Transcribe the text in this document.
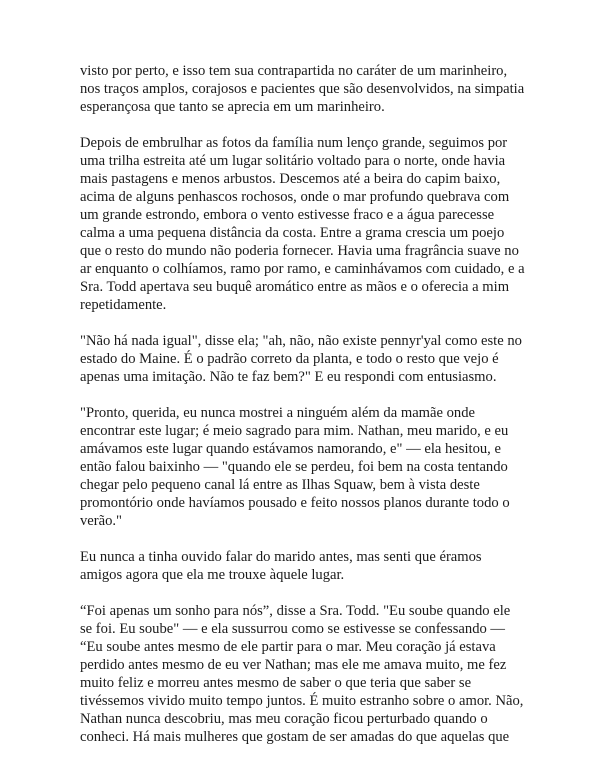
visto por perto, e isso tem sua contrapartida no caráter de um marinheiro,
nos traços amplos, corajosos e pacientes que são desenvolvidos, na simpatia
esperançosa que tanto se aprecia em um marinheiro.

Depois de embrulhar as fotos da família num lenço grande, seguimos por
uma trilha estreita até um lugar solitário voltado para o norte, onde havia
mais pastagens e menos arbustos. Descemos até a beira do capim baixo,
acima de alguns penhascos rochosos, onde o mar profundo quebrava com
um grande estrondo, embora o vento estivesse fraco e a água parecesse
calma a uma pequena distância da costa. Entre a grama crescia um poejo
que o resto do mundo não poderia fornecer. Havia uma fragrância suave no
ar enquanto o colhíamos, ramo por ramo, e caminhávamos com cuidado, e a
Sra. Todd apertava seu buquê aromático entre as mãos e o oferecia a mim
repetidamente.

"Não há nada igual", disse ela; "ah, não, não existe pennyr'yal como este no
estado do Maine. É o padrão correto da planta, e todo o resto que vejo é
apenas uma imitação. Não te faz bem?" E eu respondi com entusiasmo.

"Pronto, querida, eu nunca mostrei a ninguém além da mamãe onde
encontrar este lugar; é meio sagrado para mim. Nathan, meu marido, e eu
amávamos este lugar quando estávamos namorando, e" — ela hesitou, e
então falou baixinho — "quando ele se perdeu, foi bem na costa tentando
chegar pelo pequeno canal lá entre as Ilhas Squaw, bem à vista deste
promontório onde havíamos pousado e feito nossos planos durante todo o
verão."

Eu nunca a tinha ouvido falar do marido antes, mas senti que éramos
amigos agora que ela me trouxe àquele lugar.

“Foi apenas um sonho para nós”, disse a Sra. Todd. "Eu soube quando ele
se foi. Eu soube" — e ela sussurrou como se estivesse se confessando —
“Eu soube antes mesmo de ele partir para o mar. Meu coração já estava
perdido antes mesmo de eu ver Nathan; mas ele me amava muito, me fez
muito feliz e morreu antes mesmo de saber o que teria que saber se
tivéssemos vivido muito tempo juntos. É muito estranho sobre o amor. Não,
Nathan nunca descobriu, mas meu coração ficou perturbado quando o
conheci. Há mais mulheres que gostam de ser amadas do que aquelas que
